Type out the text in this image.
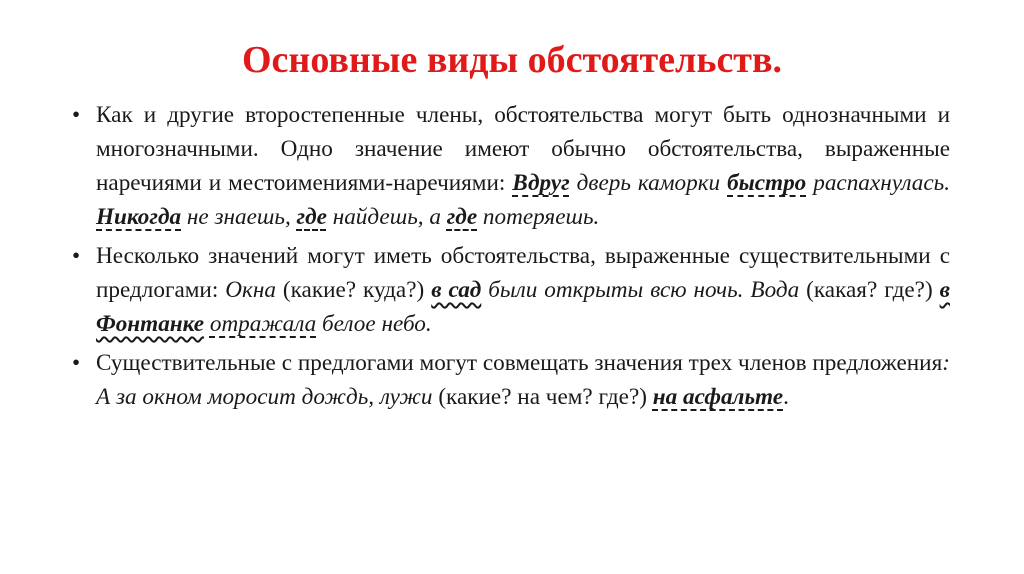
Основные виды обстоятельств.
• Как и другие второстепенные члены, обстоятельства могут быть однозначными и многозначными. Одно значение имеют обычно обстоятельства, выраженные наречиями и местоимениями-наречиями: Вдруг дверь каморки быстро распахнулась. Никогда не знаешь, где найдешь, а где потеряешь.
• Несколько значений могут иметь обстоятельства, выраженные существительными с предлогами: Окна (какие? куда?) в сад были открыты всю ночь. Вода (какая? где?) в Фонтанке отражала белое небо.
• Существительные с предлогами могут совмещать значения трех членов предложения: А за окном моросит дождь, лужи (какие? на чем? где?) на асфальте.
